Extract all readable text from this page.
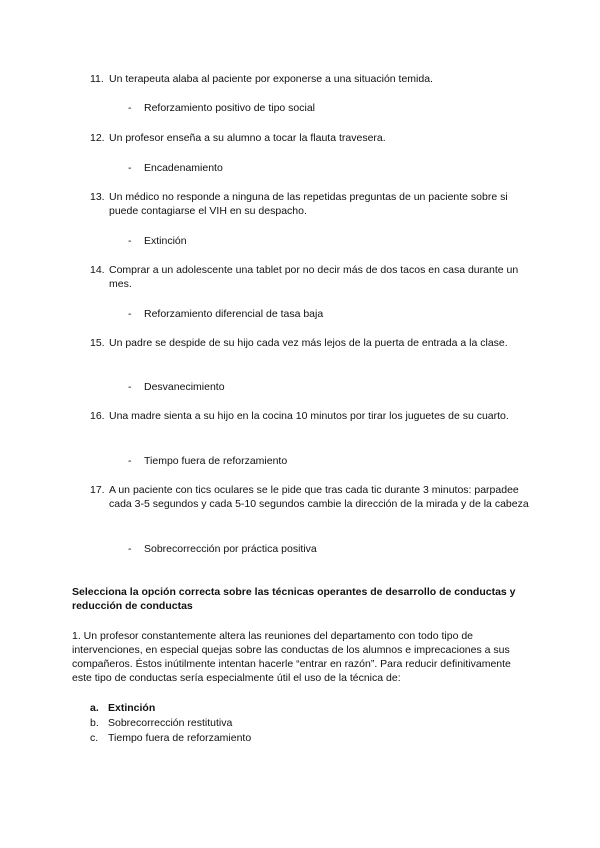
11. Un terapeuta alaba al paciente por exponerse a una situación temida.
-	Reforzamiento positivo de tipo social
12. Un profesor enseña a su alumno a tocar la flauta travesera.
-	Encadenamiento
13. Un médico no responde a ninguna de las repetidas preguntas de un paciente sobre si puede contagiarse el VIH en su despacho.
-	Extinción
14. Comprar a un adolescente una tablet por no decir más de dos tacos en casa durante un mes.
-	Reforzamiento diferencial de tasa baja
15. Un padre se despide de su hijo cada vez más lejos de la puerta de entrada a la clase.
-	Desvanecimiento
16. Una madre sienta a su hijo en la cocina 10 minutos por tirar los juguetes de su cuarto.
-	Tiempo fuera de reforzamiento
17. A un paciente con tics oculares se le pide que tras cada tic durante 3 minutos: parpadee cada 3-5 segundos y cada 5-10 segundos cambie la dirección de la mirada y de la cabeza
-	Sobrecorrección por práctica positiva
Selecciona la opción correcta sobre las técnicas operantes de desarrollo de conductas y reducción de conductas
1. Un profesor constantemente altera las reuniones del departamento con todo tipo de intervenciones, en especial quejas sobre las conductas de los alumnos e imprecaciones a sus compañeros. Éstos inútilmente intentan hacerle “entrar en razón”. Para reducir definitivamente este tipo de conductas sería especialmente útil el uso de la técnica de:
a. Extinción
b. Sobrecorrección restitutiva
c. Tiempo fuera de reforzamiento
